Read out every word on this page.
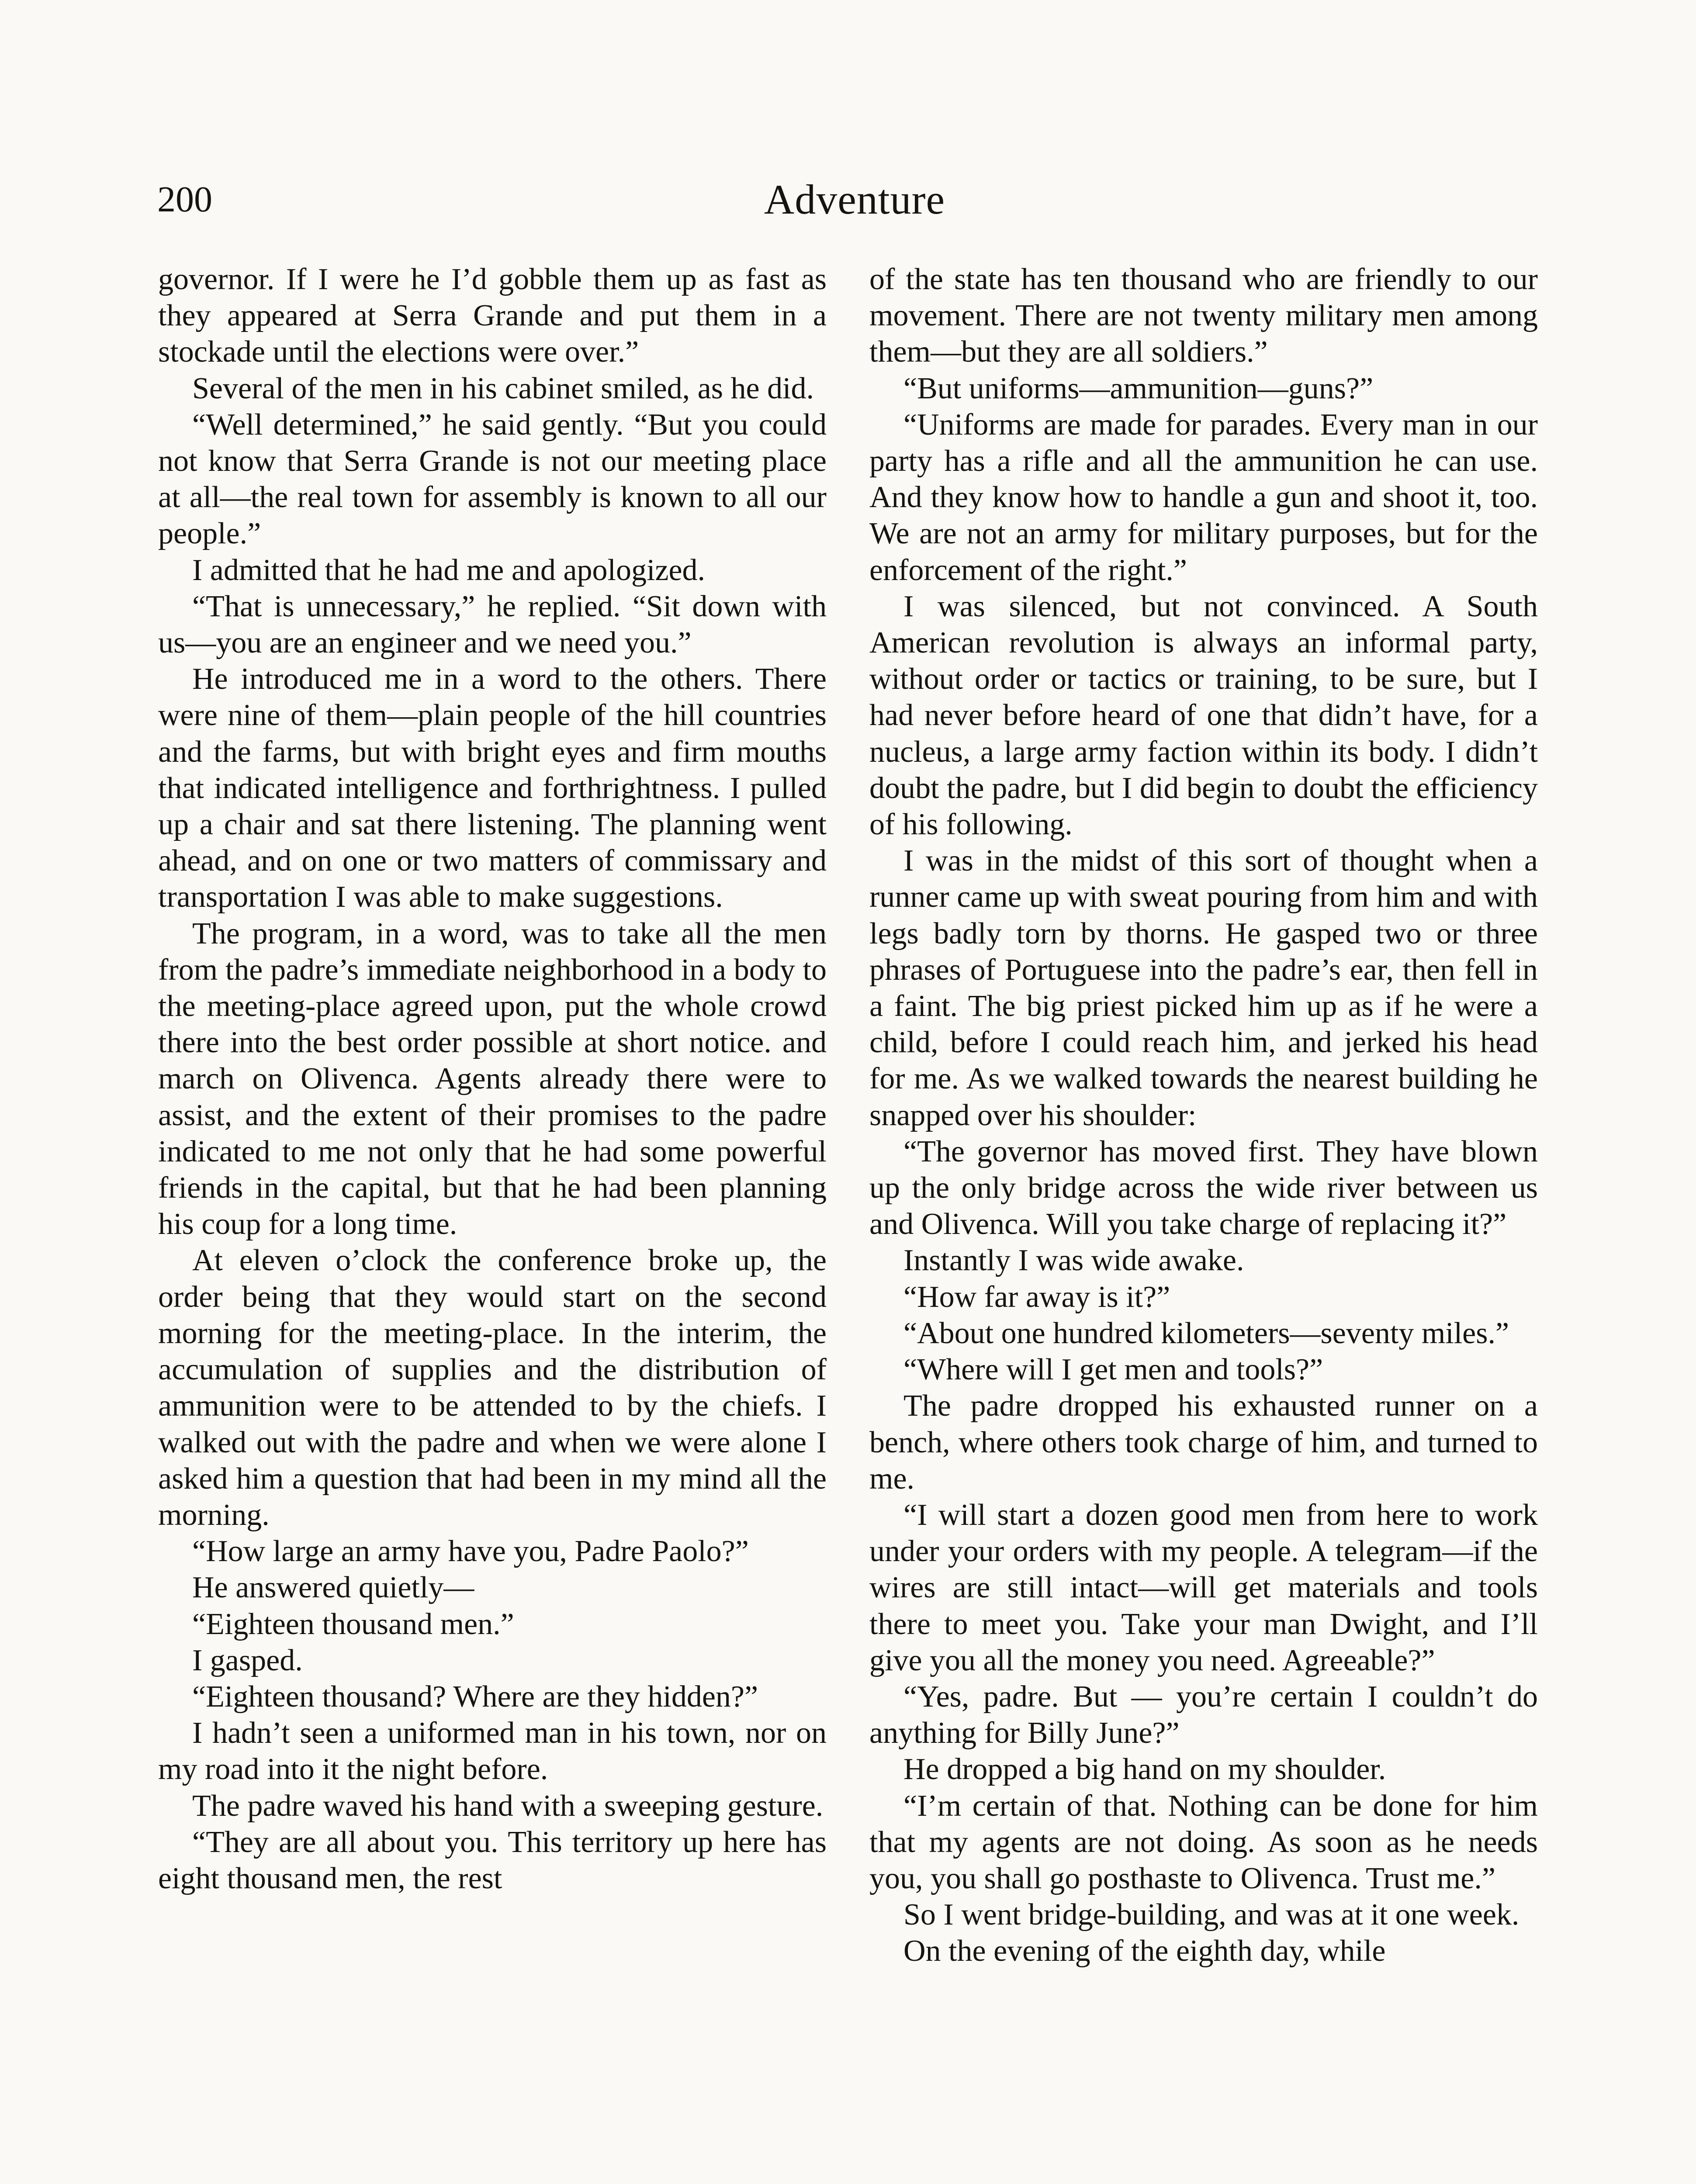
200	Adventure

governor. If I were he I’d gobble them up as fast as they appeared at Serra Grande and put them in a stockade until the elections were over.”

Several of the men in his cabinet smiled, as he did.

“Well determined,” he said gently. “But you could not know that Serra Grande is not our meeting place at all—the real town for assembly is known to all our people.”

I admitted that he had me and apologized.

“That is unnecessary,” he replied. “Sit down with us—you are an engineer and we need you.”

He introduced me in a word to the others. There were nine of them—plain people of the hill countries and the farms, but with bright eyes and firm mouths that indicated intelligence and forthrightness. I pulled up a chair and sat there listening. The planning went ahead, and on one or two matters of commissary and transportation I was able to make suggestions.

The program, in a word, was to take all the men from the padre’s immediate neighborhood in a body to the meeting-place agreed upon, put the whole crowd there into the best order possible at short notice. and march on Olivenca. Agents already there were to assist, and the extent of their promises to the padre indicated to me not only that he had some powerful friends in the capital, but that he had been planning his coup for a long time.

At eleven o’clock the conference broke up, the order being that they would start on the second morning for the meeting-place. In the interim, the accumulation of supplies and the distribution of ammunition were to be attended to by the chiefs. I walked out with the padre and when we were alone I asked him a question that had been in my mind all the morning.

“How large an army have you, Padre Paolo?”

He answered quietly—

“Eighteen thousand men.”

I gasped.

“Eighteen thousand? Where are they hidden?”

I hadn’t seen a uniformed man in his town, nor on my road into it the night before.

The padre waved his hand with a sweeping gesture.

“They are all about you. This territory up here has eight thousand men, the rest

of the state has ten thousand who are friendly to our movement. There are not twenty military men among them—but they are all soldiers.”

“But uniforms—ammunition—guns?”

“Uniforms are made for parades. Every man in our party has a rifle and all the ammunition he can use. And they know how to handle a gun and shoot it, too. We are not an army for military purposes, but for the enforcement of the right.”

I was silenced, but not convinced. A South American revolution is always an informal party, without order or tactics or training, to be sure, but I had never before heard of one that didn’t have, for a nucleus, a large army faction within its body. I didn’t doubt the padre, but I did begin to doubt the efficiency of his following.

I was in the midst of this sort of thought when a runner came up with sweat pouring from him and with legs badly torn by thorns. He gasped two or three phrases of Portuguese into the padre’s ear, then fell in a faint. The big priest picked him up as if he were a child, before I could reach him, and jerked his head for me. As we walked towards the nearest building he snapped over his shoulder:

“The governor has moved first. They have blown up the only bridge across the wide river between us and Olivenca. Will you take charge of replacing it?”

Instantly I was wide awake.

“How far away is it?”

“About one hundred kilometers—seventy miles.”

“Where will I get men and tools?”

The padre dropped his exhausted runner on a bench, where others took charge of him, and turned to me.

“I will start a dozen good men from here to work under your orders with my people. A telegram—if the wires are still intact—will get materials and tools there to meet you. Take your man Dwight, and I’ll give you all the money you need. Agreeable?”

“Yes, padre. But — you’re certain I couldn’t do anything for Billy June?”

He dropped a big hand on my shoulder.

“I’m certain of that. Nothing can be done for him that my agents are not doing. As soon as he needs you, you shall go posthaste to Olivenca. Trust me.”

So I went bridge-building, and was at it one week.

On the evening of the eighth day, while
